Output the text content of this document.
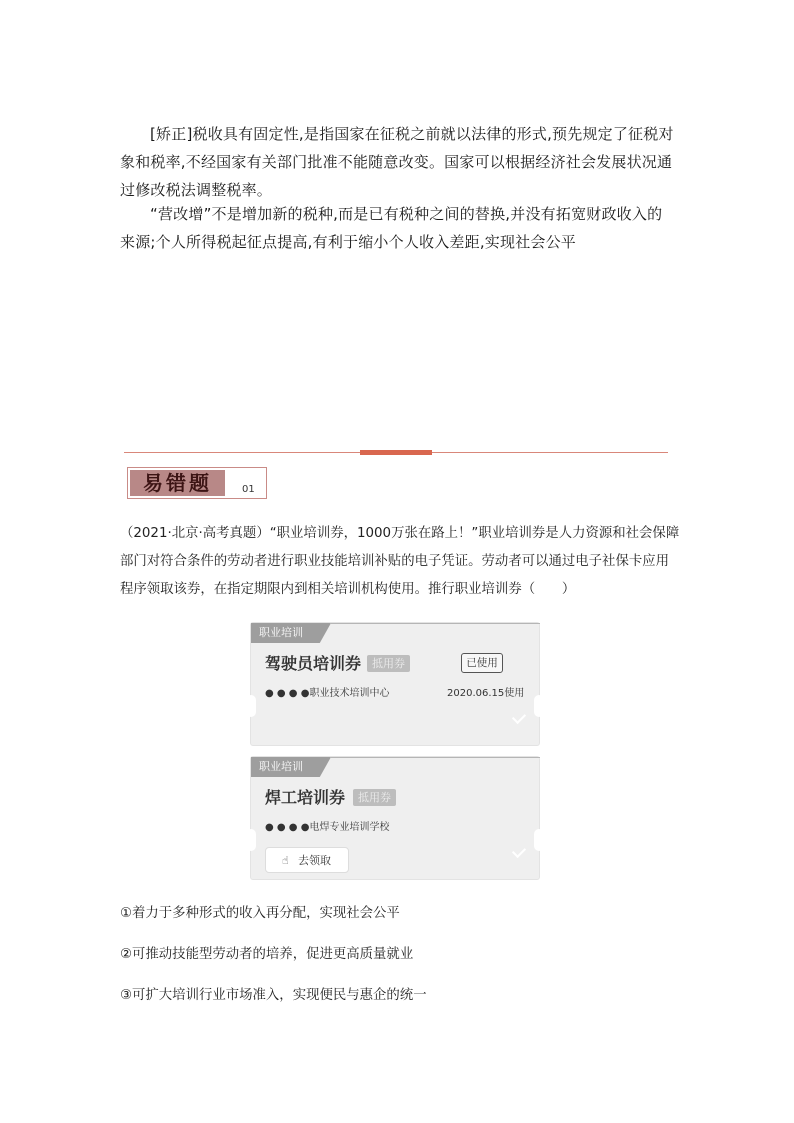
[矫正]税收具有固定性,是指国家在征税之前就以法律的形式,预先规定了征税对象和税率,不经国家有关部门批准不能随意改变。国家可以根据经济社会发展状况通过修改税法调整税率。

“营改增”不是增加新的税种,而是已有税种之间的替换,并没有拓宽财政收入的来源;个人所得税起征点提高,有利于缩小个人收入差距,实现社会公平

易错题	01

（2021·北京·高考真题）“职业培训券，1000万张在路上！”职业培训券是人力资源和社会保障部门对符合条件的劳动者进行职业技能培训补贴的电子凭证。劳动者可以通过电子社保卡应用程序领取该券，在指定期限内到相关培训机构使用。推行职业培训券（　　）

职业培训
驾驶员培训券 抵用券	已使用
● ● ● ●职业技术培训中心	2020.06.15使用
职业培训
焊工培训券	抵用券
● ● ● ●电焊专业培训学校
☝ 去领取

①着力于多种形式的收入再分配，实现社会公平

②可推动技能型劳动者的培养，促进更高质量就业

③可扩大培训行业市场准入，实现便民与惠企的统一
